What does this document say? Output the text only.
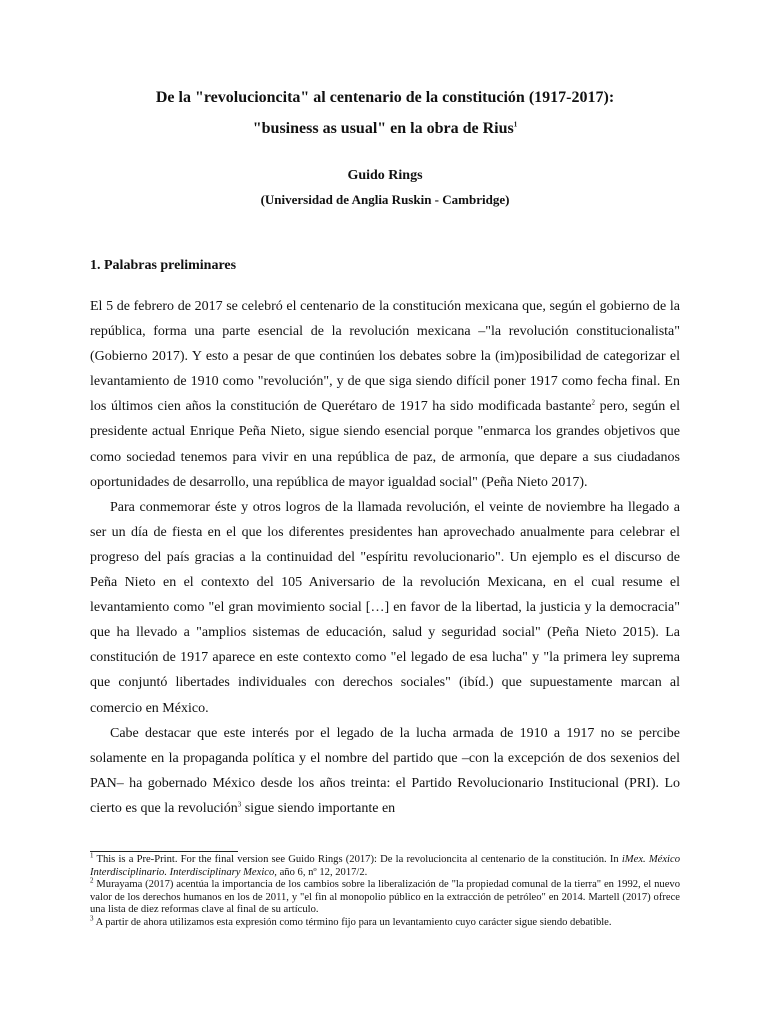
De la "revolucioncita" al centenario de la constitución (1917-2017):
"business as usual" en la obra de Rius$^1$
Guido Rings
(Universidad de Anglia Ruskin - Cambridge)
1. Palabras preliminares

El 5 de febrero de 2017 se celebró el centenario de la constitución mexicana que, según el gobierno de la república, forma una parte esencial de la revolución mexicana –"la revolución constitucionalista" (Gobierno 2017). Y esto a pesar de que continúen los debates sobre la (im)posibilidad de categorizar el levantamiento de 1910 como "revolución", y de que siga siendo difícil poner 1917 como fecha final. En los últimos cien años la constitución de Querétaro de 1917 ha sido modificada bastante$^2$ pero, según el presidente actual Enrique Peña Nieto, sigue siendo esencial porque "enmarca los grandes objetivos que como sociedad tenemos para vivir en una república de paz, de armonía, que depare a sus ciudadanos oportunidades de desarrollo, una república de mayor igualdad social" (Peña Nieto 2017).

Para conmemorar éste y otros logros de la llamada revolución, el veinte de noviembre ha llegado a ser un día de fiesta en el que los diferentes presidentes han aprovechado anualmente para celebrar el progreso del país gracias a la continuidad del "espíritu revolucionario". Un ejemplo es el discurso de Peña Nieto en el contexto del 105 Aniversario de la revolución Mexicana, en el cual resume el levantamiento como "el gran movimiento social […] en favor de la libertad, la justicia y la democracia" que ha llevado a "amplios sistemas de educación, salud y seguridad social" (Peña Nieto 2015). La constitución de 1917 aparece en este contexto como "el legado de esa lucha" y "la primera ley suprema que conjuntó libertades individuales con derechos sociales" (ibíd.) que supuestamente marcan al comercio en México.

Cabe destacar que este interés por el legado de la lucha armada de 1910 a 1917 no se percibe solamente en la propaganda política y el nombre del partido que –con la excepción de dos sexenios del PAN– ha gobernado México desde los años treinta: el Partido Revolucionario Institucional (PRI). Lo cierto es que la revolución$^3$ sigue siendo importante en

$^1$ This is a Pre-Print. For the final version see Guido Rings (2017): De la revolucioncita al centenario de la constitución. In iMex. México Interdisciplinario. Interdisciplinary Mexico, año 6, nº 12, 2017/2.

$^2$ Murayama (2017) acentúa la importancia de los cambios sobre la liberalización de "la propiedad comunal de la tierra" en 1992, el nuevo valor de los derechos humanos en los de 2011, y "el fin al monopolio público en la extracción de petróleo" en 2014. Martell (2017) ofrece una lista de diez reformas clave al final de su artículo.

$^3$ A partir de ahora utilizamos esta expresión como término fijo para un levantamiento cuyo carácter sigue siendo debatible.
